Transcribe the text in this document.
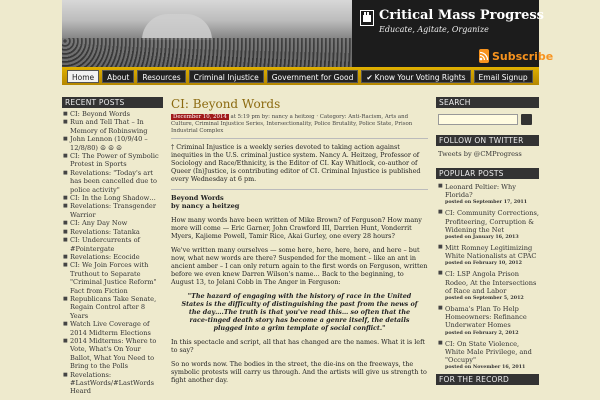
Critical Mass Progress
Educate, Agitate, Organize
Subscribe
Home	About	Resources	Criminal Injustice	Government for Good	✔ Know Your Voting Rights	Email Signup
RECENT POSTS
■ CI: Beyond Words
■ Run and Tell That – In Memory of Robinswing
■ John Lennon (10/9/40 – 12/8/80) ☮ ☮ ☮
■ CI: The Power of Symbolic Protest in Sports
■ Revelations: "Today's art has been cancelled due to police activity"
■ CI: In the Long Shadow…
■ Revelations: Transgender Warrior
■ CI: Any Day Now
■ Revelations: Tatanka
■ CI: Undercurrents of #Pointergate
■ Revelations: Ecocide
■ CI: We Join Forces with Truthout to Separate "Criminal Justice Reform" Fact from Fiction
■ Republicans Take Senate, Regain Control after 8 Years
■ Watch Live Coverage of 2014 Midterm Elections
■ 2014 Midterms: Where to Vote, What's On Your Ballot, What You Need to Bring to the Polls
■ Revelations: #LastWords/#LastWords Heard
CI: Beyond Words
December 10, 2014 at 5:19 pm by: nancy a heitzeg · Category: Anti-Racism, Arts and Culture, Criminal Injustice Series, Intersectionality, Police Brutality, Police State, Prison Industrial Complex
† Criminal Injustice is a weekly series devoted to taking action against inequities in the U.S. criminal justice system. Nancy A. Heitzeg, Professor of Sociology and Race/Ethnicity, is the Editor of CI. Kay Whitlock, co-author of Queer (In)Justice, is contributing editor of CI. Criminal Injustice is published every Wednesday at 6 pm.
Beyond Words
by nancy a heitzeg
How many words have been written of Mike Brown? of Ferguson? How many more will come — Eric Garner, John Crawford III, Darrien Hunt, Vonderrit Myers, Kajieme Powell, Tamir Rice, Akai Gurley, one every 28 hours?
We've written many ourselves — some here, here, here, here, and here – but now, what new words are there? Suspended for the moment – like an ant in ancient amber – I can only return again to the first words on Ferguson, written before we even knew Darren Wilson's name… Back to the beginning, to August 13, to Jelani Cobb in The Anger in Ferguson:
"The hazard of engaging with the history of race in the United States is the difficulty of distinguishing the past from the news of the day….The truth is that you've read this… so often that the race-tinged death story has become a genre itself, the details plugged into a grim template of social conflict."
In this spectacle and script, all that has changed are the names. What it is left to say?
So no words now. The bodies in the street, the die-ins on the freeways, the symbolic protests will carry us through. And the artists will give us strength to fight another day.
SEARCH
FOLLOW ON TWITTER
Tweets by @CMProgress
POPULAR POSTS
■ Leonard Peltier: Why Florida?
posted on September 17, 2011
■ CI: Community Corrections, Profiteering, Corruption & Widening the Net
posted on January 16, 2013
■ Mitt Romney Legitimizing White Nationalists at CPAC
posted on February 10, 2012
■ CI: LSP Angola Prison Rodeo, At the Intersections of Race and Labor
posted on September 5, 2012
■ Obama's Plan To Help Homeowners: Refinance Underwater Homes
posted on February 2, 2012
■ CI: On State Violence, White Male Privilege, and "Occupy"
posted on November 16, 2011
FOR THE RECORD
